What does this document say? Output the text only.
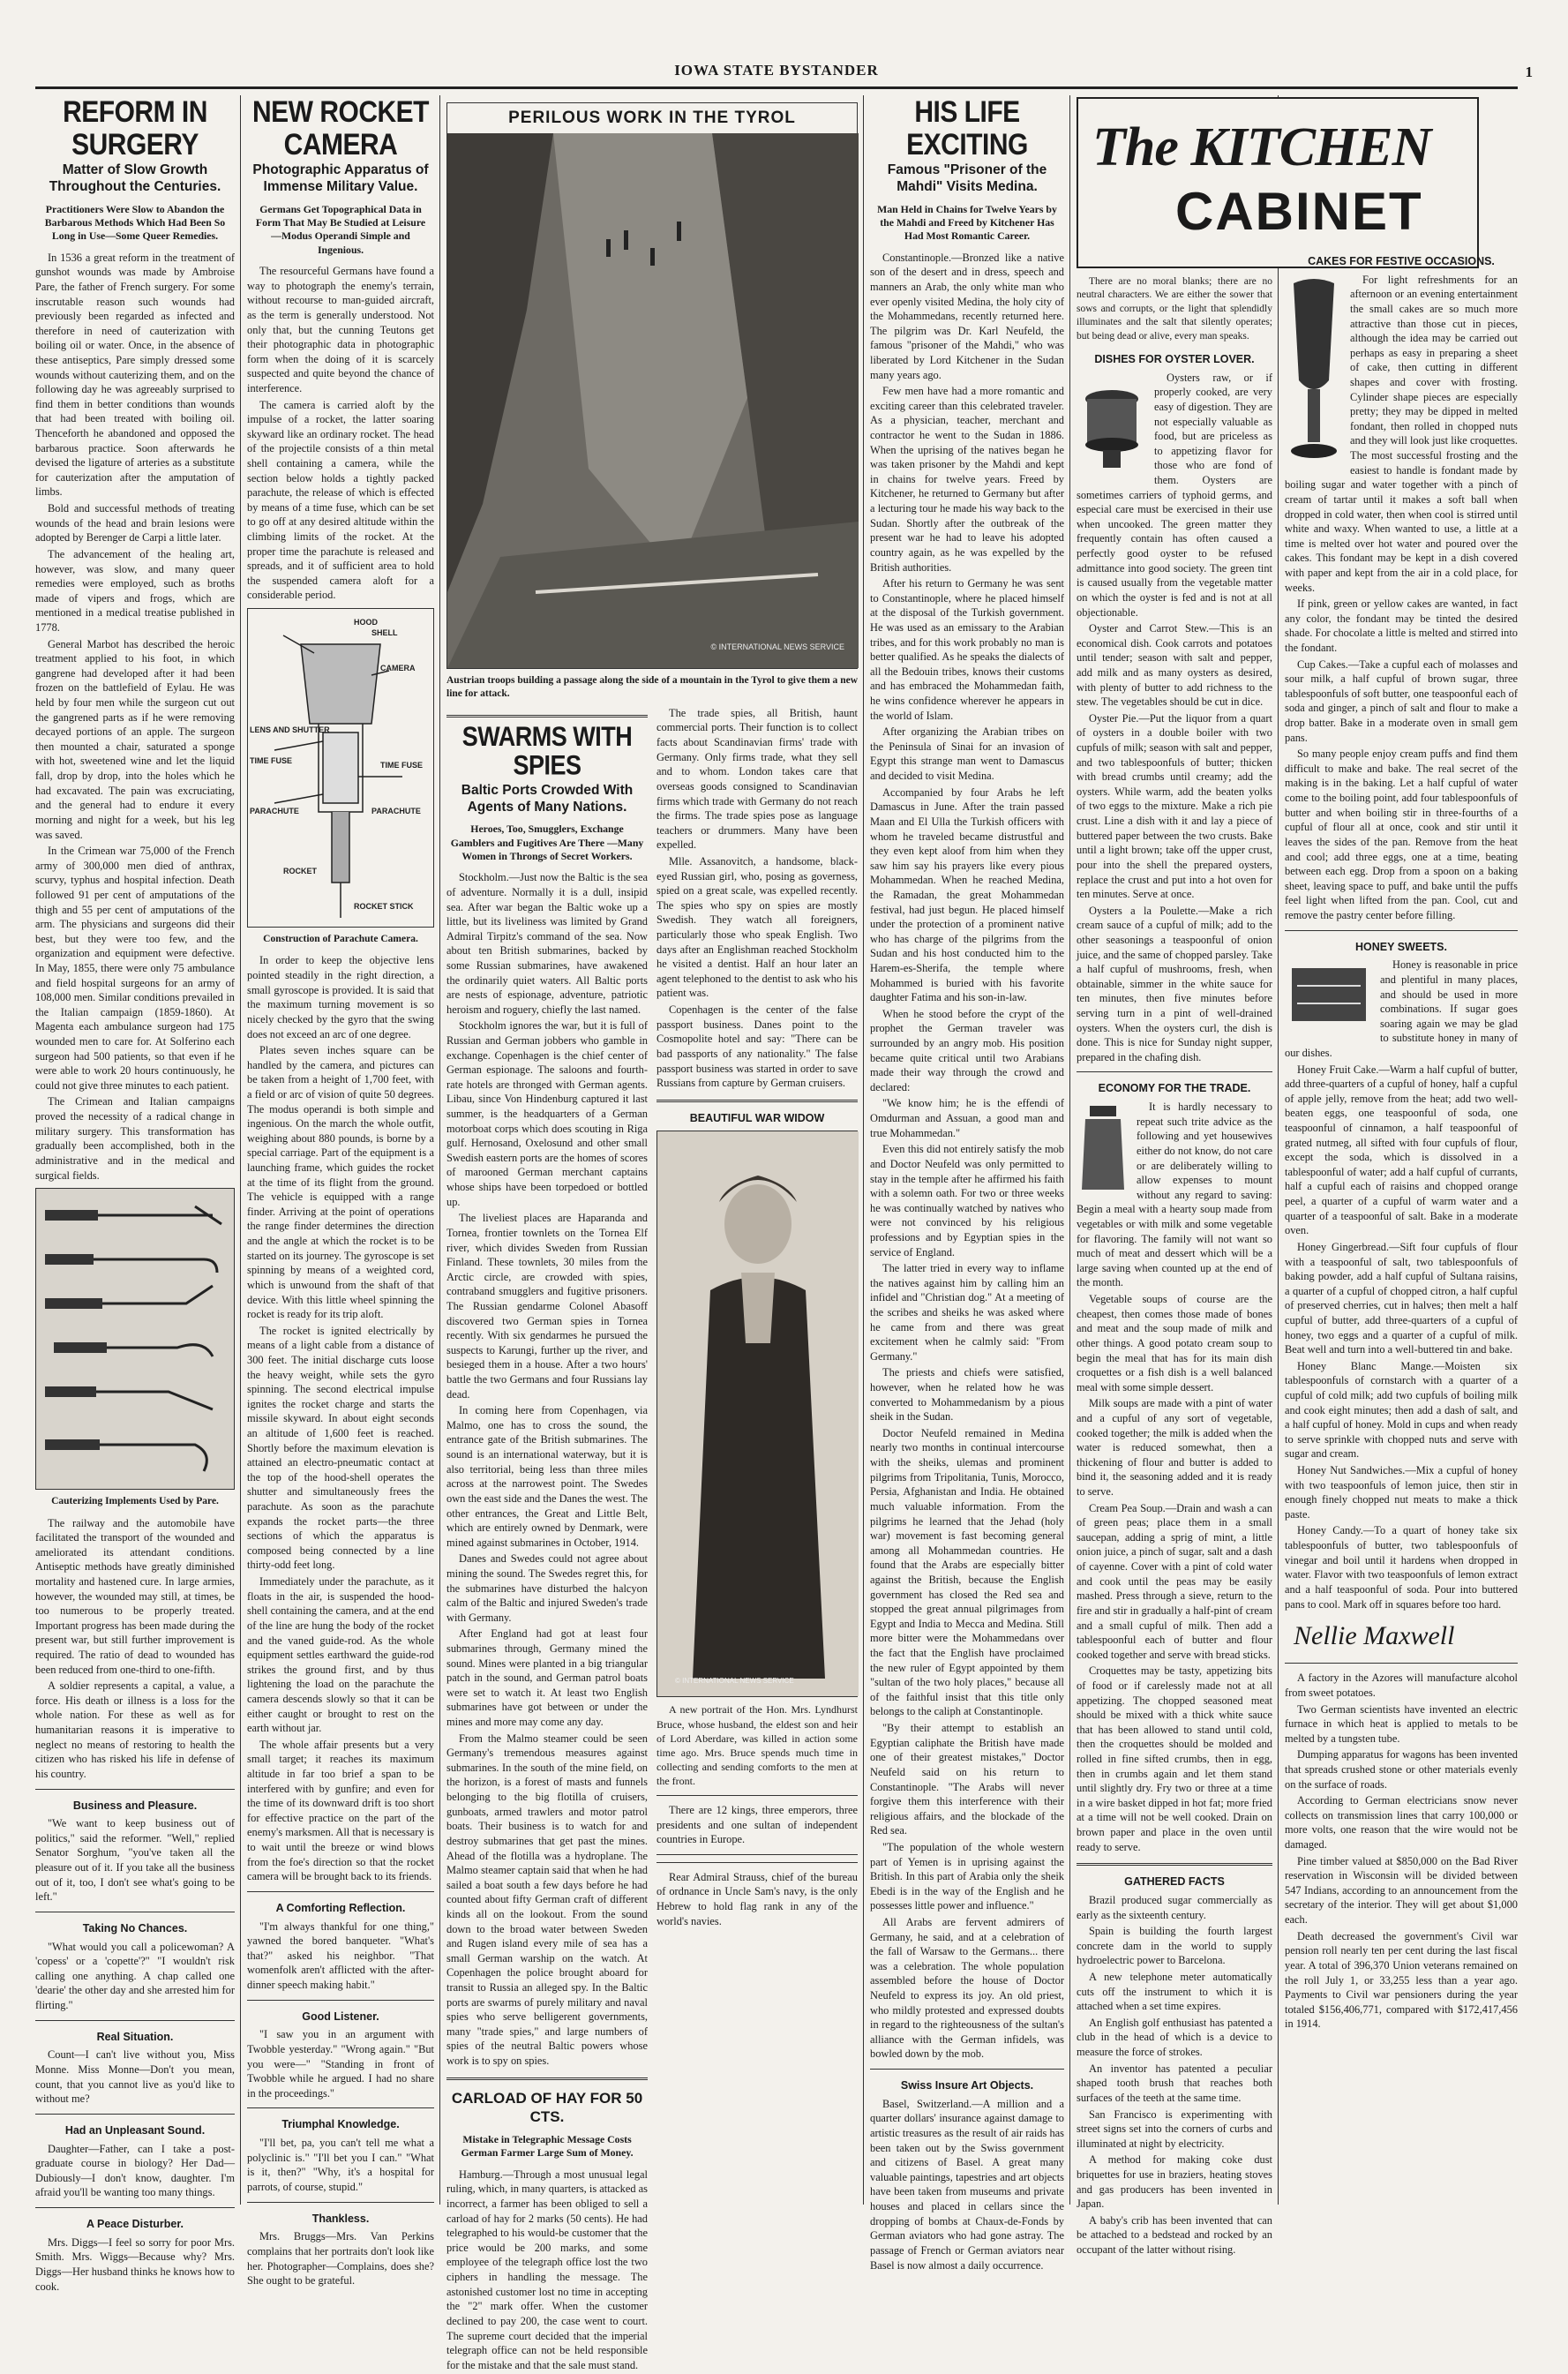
IOWA STATE BYSTANDER	1
REFORM IN SURGERY
Matter of Slow Growth Throughout the Centuries.
Practitioners Were Slow to Abandon the Barbarous Methods Which Had Been So Long in Use—Some Queer Remedies.

In 1536 a great reform in the treatment of gunshot wounds was made by Ambroise Pare, the father of French surgery. For some inscrutable reason such wounds had previously been regarded as infected and therefore in need of cauterization with boiling oil or water. Once, in the absence of these antiseptics, Pare simply dressed some wounds without cauterizing them, and on the following day he was agreeably surprised to find them in better conditions than wounds that had been treated with boiling oil. Thenceforth he abandoned and opposed the barbarous practice. Soon afterwards he devised the ligature of arteries as a substitute for cauterization after the amputation of limbs.

Bold and successful methods of treating wounds of the head and brain lesions were adopted by Berenger de Carpi a little later.

The advancement of the healing art, however, was slow, and many queer remedies were employed, such as broths made of vipers and frogs, which are mentioned in a medical treatise published in 1778.

General Marbot has described the heroic treatment applied to his foot, in which gangrene had developed after it had been frozen on the battlefield of Eylau. He was held by four men while the surgeon cut out the gangrened parts as if he were removing decayed portions of an apple. The surgeon then mounted a chair, saturated a sponge with hot, sweetened wine and let the liquid fall, drop by drop, into the holes which he had excavated. The pain was excruciating, and the general had to endure it every morning and night for a week, but his leg was saved.

In the Crimean war 75,000 of the French army of 300,000 men died of anthrax, scurvy, typhus and hospital infection. Death followed 91 per cent of amputations of the thigh and 55 per cent of amputations of the arm. The physicians and surgeons did their best, but they were too few, and the organization and equipment were defective. In May, 1855, there were only 75 ambulance and field hospital surgeons for an army of 108,000 men. Similar conditions prevailed in the Italian campaign (1859-1860). At Magenta each ambulance surgeon had 175 wounded men to care for. At Solferino each surgeon had 500 patients, so that even if he were able to work 20 hours continuously, he could not give three minutes to each patient.

The Crimean and Italian campaigns proved the necessity of a radical change in military surgery. This transformation has gradually been accomplished, both in the administrative and in the medical and surgical fields.

Cauterizing Implements Used by Pare.

The railway and the automobile have facilitated the transport of the wounded and ameliorated its attendant conditions. Antiseptic methods have greatly diminished mortality and hastened cure. In large armies, however, the wounded may still, at times, be too numerous to be properly treated. Important progress has been made during the present war, but still further improvement is required. The ratio of dead to wounded has been reduced from one-third to one-fifth.

A soldier represents a capital, a value, a force. His death or illness is a loss for the whole nation. For these as well as for humanitarian reasons it is imperative to neglect no means of restoring to health the citizen who has risked his life in defense of his country.

Business and Pleasure.

"We want to keep business out of politics," said the reformer. "Well," replied Senator Sorghum, "you've taken all the pleasure out of it. If you take all the business out of it, too, I don't see what's going to be left."

Taking No Chances.

"What would you call a policewoman? A 'copess' or a 'copette'?" "I wouldn't risk calling one anything. A chap called one 'dearie' the other day and she arrested him for flirting."

Real Situation.

Count—I can't live without you, Miss Monne. Miss Monne—Don't you mean, count, that you cannot live as you'd like to without me?

Had an Unpleasant Sound.

Daughter—Father, can I take a post-graduate course in biology? Her Dad—Dubiously—I don't know, daughter. I'm afraid you'll be wanting too many things.

A Peace Disturber.

Mrs. Diggs—I feel so sorry for poor Mrs. Smith. Mrs. Wiggs—Because why? Mrs. Diggs—Her husband thinks he knows how to cook.

NEW ROCKET CAMERA
Photographic Apparatus of Immense Military Value.
Germans Get Topographical Data in Form That May Be Studied at Leisure—Modus Operandi Simple and Ingenious.

The resourceful Germans have found a way to photograph the enemy's terrain, without recourse to man-guided aircraft, as the term is generally understood. Not only that, but the cunning Teutons get their photographic data in photographic form when the doing of it is scarcely suspected and quite beyond the chance of interference.

The camera is carried aloft by the impulse of a rocket, the latter soaring skyward like an ordinary rocket. The head of the projectile consists of a thin metal shell containing a camera, while the section below holds a tightly packed parachute, the release of which is effected by means of a time fuse, which can be set to go off at any desired altitude within the climbing limits of the rocket. At the proper time the parachute is released and spreads, and it of sufficient area to hold the suspended camera aloft for a considerable period.

HOOD
SHELL
CAMERA
LENS AND SHUTTER
TIME FUSE	TIME FUSE
PARACHUTE	PARACHUTE
ROCKET
ROCKET STICK
Construction of Parachute Camera.

In order to keep the objective lens pointed steadily in the right direction, a small gyroscope is provided. It is said that the maximum turning movement is so nicely checked by the gyro that the swing does not exceed an arc of one degree.

Plates seven inches square can be handled by the camera, and pictures can be taken from a height of 1,700 feet, with a field or arc of vision of quite 50 degrees. The modus operandi is both simple and ingenious. On the march the whole outfit, weighing about 880 pounds, is borne by a special carriage. Part of the equipment is a launching frame, which guides the rocket at the time of its flight from the ground. The vehicle is equipped with a range finder. Arriving at the point of operations the range finder determines the direction and the angle at which the rocket is to be started on its journey. The gyroscope is set spinning by means of a weighted cord, which is unwound from the shaft of that device. With this little wheel spinning the rocket is ready for its trip aloft.

The rocket is ignited electrically by means of a light cable from a distance of 300 feet. The initial discharge cuts loose the heavy weight, while sets the gyro spinning. The second electrical impulse ignites the rocket charge and starts the missile skyward. In about eight seconds an altitude of 1,600 feet is reached. Shortly before the maximum elevation is attained an electro-pneumatic contact at the top of the hood-shell operates the shutter and simultaneously frees the parachute. As soon as the parachute expands the rocket parts—the three sections of which the apparatus is composed being connected by a line thirty-odd feet long.

Immediately under the parachute, as it floats in the air, is suspended the hood-shell containing the camera, and at the end of the line are hung the body of the rocket and the vaned guide-rod. As the whole equipment settles earthward the guide-rod strikes the ground first, and by thus lightening the load on the parachute the camera descends slowly so that it can be either caught or brought to rest on the earth without jar.

The whole affair presents but a very small target; it reaches its maximum altitude in far too brief a span to be interfered with by gunfire; and even for the time of its downward drift is too short for effective practice on the part of the enemy's marksmen. All that is necessary is to wait until the breeze or wind blows from the foe's direction so that the rocket camera will be brought back to its friends.

A Comforting Reflection.

"I'm always thankful for one thing," yawned the bored banqueter. "What's that?" asked his neighbor. "That womenfolk aren't afflicted with the after-dinner speech making habit."

Good Listener.

"I saw you in an argument with Twobble yesterday." "Wrong again." "But you were—" "Standing in front of Twobble while he argued. I had no share in the proceedings."

Triumphal Knowledge.

"I'll bet, pa, you can't tell me what a polyclinic is." "I'll bet you I can." "What is it, then?" "Why, it's a hospital for parrots, of course, stupid."

Thankless.

Mrs. Bruggs—Mrs. Van Perkins complains that her portraits don't look like her. Photographer—Complains, does she? She ought to be grateful.

PERILOUS WORK IN THE TYROL
© INTERNATIONAL NEWS SERVICE
Austrian troops building a passage along the side of a mountain in the Tyrol to give them a new line for attack.
SWARMS WITH SPIES
Baltic Ports Crowded With Agents of Many Nations.
Heroes, Too, Smugglers, Exchange Gamblers and Fugitives Are There —Many Women in Throngs of Secret Workers.

Stockholm.—Just now the Baltic is the sea of adventure. Normally it is a dull, insipid sea. After war began the Baltic woke up a little, but its liveliness was limited by Grand Admiral Tirpitz's command of the sea. Now about ten British submarines, backed by some Russian submarines, have awakened the ordinarily quiet waters. All Baltic ports are nests of espionage, adventure, patriotic heroism and roguery, chiefly the last named.

Stockholm ignores the war, but it is full of Russian and German jobbers who gamble in exchange. Copenhagen is the chief center of German espionage. The saloons and fourth-rate hotels are thronged with German agents. Libau, since Von Hindenburg captured it last summer, is the headquarters of a German motorboat corps which does scouting in Riga gulf. Hernosand, Oxelosund and other small Swedish eastern ports are the homes of scores of marooned German merchant captains whose ships have been torpedoed or bottled up.

The liveliest places are Haparanda and Tornea, frontier townlets on the Tornea Elf river, which divides Sweden from Russian Finland. These townlets, 30 miles from the Arctic circle, are crowded with spies, contraband smugglers and fugitive prisoners. The Russian gendarme Colonel Abasoff discovered two German spies in Tornea recently. With six gendarmes he pursued the suspects to Karungi, further up the river, and besieged them in a house. After a two hours' battle the two Germans and four Russians lay dead.

In coming here from Copenhagen, via Malmo, one has to cross the sound, the entrance gate of the British submarines. The sound is an international waterway, but it is also territorial, being less than three miles across at the narrowest point. The Swedes own the east side and the Danes the west. The other entrances, the Great and Little Belt, which are entirely owned by Denmark, were mined against submarines in October, 1914.

Danes and Swedes could not agree about mining the sound. The Swedes regret this, for the submarines have disturbed the halcyon calm of the Baltic and injured Sweden's trade with Germany.

After England had got at least four submarines through, Germany mined the sound. Mines were planted in a big triangular patch in the sound, and German patrol boats were set to watch it. At least two English submarines have got between or under the mines and more may come any day.

From the Malmo steamer could be seen Germany's tremendous measures against submarines. In the south of the mine field, on the horizon, is a forest of masts and funnels belonging to the big flotilla of cruisers, gunboats, armed trawlers and motor patrol boats. Their business is to watch for and destroy submarines that get past the mines. Ahead of the flotilla was a hydroplane. The Malmo steamer captain said that when he had sailed a boat south a few days before he had counted about fifty German craft of different kinds all on the lookout. From the sound down to the broad water between Sweden and Rugen island every mile of sea has a small German warship on the watch. At Copenhagen the police brought aboard for transit to Russia an alleged spy. In the Baltic ports are swarms of purely military and naval spies who serve belligerent governments, many "trade spies," and large numbers of spies of the neutral Baltic powers whose work is to spy on spies.

CARLOAD OF HAY FOR 50 CTS.
Mistake in Telegraphic Message Costs German Farmer Large Sum of Money.

Hamburg.—Through a most unusual legal ruling, which, in many quarters, is attacked as incorrect, a farmer has been obliged to sell a carload of hay for 2 marks (50 cents). He had telegraphed to his would-be customer that the price would be 200 marks, and some employee of the telegraph office lost the two ciphers in handling the message. The astonished customer lost no time in accepting the "2" mark offer. When the customer declined to pay 200, the case went to court. The supreme court decided that the imperial telegraph office can not be held responsible for the mistake and that the sale must stand.

The trade spies, all British, haunt commercial ports. Their function is to collect facts about Scandinavian firms' trade with Germany. Only firms trade, what they sell and to whom. London takes care that overseas goods consigned to Scandinavian firms which trade with Germany do not reach the firms. The trade spies pose as language teachers or drummers. Many have been expelled.

Mlle. Assanovitch, a handsome, black-eyed Russian girl, who, posing as governess, spied on a great scale, was expelled recently. The spies who spy on spies are mostly Swedish. They watch all foreigners, particularly those who speak English. Two days after an Englishman reached Stockholm he visited a dentist. Half an hour later an agent telephoned to the dentist to ask who his patient was.

Copenhagen is the center of the false passport business. Danes point to the Cosmopolite hotel and say: "There can be bad passports of any nationality." The false passport business was started in order to save Russians from capture by German cruisers.

BEAUTIFUL WAR WIDOW
© INTERNATIONAL NEWS SERVICE

A new portrait of the Hon. Mrs. Lyndhurst Bruce, whose husband, the eldest son and heir of Lord Aberdare, was killed in action some time ago. Mrs. Bruce spends much time in collecting and sending comforts to the men at the front.

There are 12 kings, three emperors, three presidents and one sultan of independent countries in Europe.

Rear Admiral Strauss, chief of the bureau of ordnance in Uncle Sam's navy, is the only Hebrew to hold flag rank in any of the world's navies.

HIS LIFE EXCITING
Famous "Prisoner of the Mahdi" Visits Medina.
Man Held in Chains for Twelve Years by the Mahdi and Freed by Kitchener Has Had Most Romantic Career.

Constantinople.—Bronzed like a native son of the desert and in dress, speech and manners an Arab, the only white man who ever openly visited Medina, the holy city of the Mohammedans, recently returned here. The pilgrim was Dr. Karl Neufeld, the famous "prisoner of the Mahdi," who was liberated by Lord Kitchener in the Sudan many years ago.

Few men have had a more romantic and exciting career than this celebrated traveler. As a physician, teacher, merchant and contractor he went to the Sudan in 1886. When the uprising of the natives began he was taken prisoner by the Mahdi and kept in chains for twelve years. Freed by Kitchener, he returned to Germany but after a lecturing tour he made his way back to the Sudan. Shortly after the outbreak of the present war he had to leave his adopted country again, as he was expelled by the British authorities.

After his return to Germany he was sent to Constantinople, where he placed himself at the disposal of the Turkish government. He was used as an emissary to the Arabian tribes, and for this work probably no man is better qualified. As he speaks the dialects of all the Bedouin tribes, knows their customs and has embraced the Mohammedan faith, he wins confidence wherever he appears in the world of Islam.

After organizing the Arabian tribes on the Peninsula of Sinai for an invasion of Egypt this strange man went to Damascus and decided to visit Medina.

Accompanied by four Arabs he left Damascus in June. After the train passed Maan and El Ulla the Turkish officers with whom he traveled became distrustful and they even kept aloof from him when they saw him say his prayers like every pious Mohammedan. When he reached Medina, the Ramadan, the great Mohammedan festival, had just begun. He placed himself under the protection of a prominent native who has charge of the pilgrims from the Sudan and his host conducted him to the Harem-es-Sherifa, the temple where Mohammed is buried with his favorite daughter Fatima and his son-in-law.

When he stood before the crypt of the prophet the German traveler was surrounded by an angry mob. His position became quite critical until two Arabians made their way through the crowd and declared:

"We know him; he is the effendi of Omdurman and Assuan, a good man and true Mohammedan."

Even this did not entirely satisfy the mob and Doctor Neufeld was only permitted to stay in the temple after he affirmed his faith with a solemn oath. For two or three weeks he was continually watched by natives who were not convinced by his religious professions and by Egyptian spies in the service of England.

The latter tried in every way to inflame the natives against him by calling him an infidel and "Christian dog." At a meeting of the scribes and sheiks he was asked where he came from and there was great excitement when he calmly said: "From Germany."

The priests and chiefs were satisfied, however, when he related how he was converted to Mohammedanism by a pious sheik in the Sudan.

Doctor Neufeld remained in Medina nearly two months in continual intercourse with the sheiks, ulemas and prominent pilgrims from Tripolitania, Tunis, Morocco, Persia, Afghanistan and India. He obtained much valuable information. From the pilgrims he learned that the Jehad (holy war) movement is fast becoming general among all Mohammedan countries. He found that the Arabs are especially bitter against the British, because the English government has closed the Red sea and stopped the great annual pilgrimages from Egypt and India to Mecca and Medina. Still more bitter were the Mohammedans over the fact that the English have proclaimed the new ruler of Egypt appointed by them "sultan of the two holy places," because all of the faithful insist that this title only belongs to the caliph at Constantinople.

"By their attempt to establish an Egyptian caliphate the British have made one of their greatest mistakes," Doctor Neufeld said on his return to Constantinople. "The Arabs will never forgive them this interference with their religious affairs, and the blockade of the Red sea.

"The population of the whole western part of Yemen is in uprising against the British. In this part of Arabia only the sheik Ebedi is in the way of the English and he possesses little power and influence."

All Arabs are fervent admirers of Germany, he said, and at a celebration of the fall of Warsaw to the Germans... there was a celebration. The whole population assembled before the house of Doctor Neufeld to express its joy. An old priest, who mildly protested and expressed doubts in regard to the righteousness of the sultan's alliance with the German infidels, was bowled down by the mob.

Swiss Insure Art Objects.

Basel, Switzerland.—A million and a quarter dollars' insurance against damage to artistic treasures as the result of air raids has been taken out by the Swiss government and citizens of Basel. A great many valuable paintings, tapestries and art objects have been taken from museums and private houses and placed in cellars since the dropping of bombs at Chaux-de-Fonds by German aviators who had gone astray. The passage of French or German aviators near Basel is now almost a daily occurrence.

The KITCHEN
CABINET

There are no moral blanks; there are no neutral characters. We are either the sower that sows and corrupts, or the light that splendidly illuminates and the salt that silently operates; but being dead or alive, every man speaks.

DISHES FOR OYSTER LOVER.

Oysters raw, or if properly cooked, are very easy of digestion. They are not especially valuable as food, but are priceless as to appetizing flavor for those who are fond of them. Oysters are sometimes carriers of typhoid germs, and especial care must be exercised in their use when uncooked. The green matter they frequently contain has often caused a perfectly good oyster to be refused admittance into good society. The green tint is caused usually from the vegetable matter on which the oyster is fed and is not at all objectionable.

Oyster and Carrot Stew.—This is an economical dish. Cook carrots and potatoes until tender; season with salt and pepper, add milk and as many oysters as desired, with plenty of butter to add richness to the stew. The vegetables should be cut in dice.

Oyster Pie.—Put the liquor from a quart of oysters in a double boiler with two cupfuls of milk; season with salt and pepper, and two tablespoonfuls of butter; thicken with bread crumbs until creamy; add the oysters. While warm, add the beaten yolks of two eggs to the mixture. Make a rich pie crust. Line a dish with it and lay a piece of buttered paper between the two crusts. Bake until a light brown; take off the upper crust, pour into the shell the prepared oysters, replace the crust and put into a hot oven for ten minutes. Serve at once.

Oysters a la Poulette.—Make a rich cream sauce of a cupful of milk; add to the other seasonings a teaspoonful of onion juice, and the same of chopped parsley. Take a half cupful of mushrooms, fresh, when obtainable, simmer in the white sauce for ten minutes, then five minutes before serving turn in a pint of well-drained oysters. When the oysters curl, the dish is done. This is nice for Sunday night supper, prepared in the chafing dish.

ECONOMY FOR THE TRADE.

It is hardly necessary to repeat such trite advice as the following and yet housewives either do not know, do not care or are deliberately willing to allow expenses to mount without any regard to saving: Begin a meal with a hearty soup made from vegetables or with milk and some vegetable for flavoring. The family will not want so much of meat and dessert which will be a large saving when counted up at the end of the month.

Vegetable soups of course are the cheapest, then comes those made of bones and meat and the soup made of milk and other things. A good potato cream soup to begin the meal that has for its main dish croquettes or a fish dish is a well balanced meal with some simple dessert.

Milk soups are made with a pint of water and a cupful of any sort of vegetable, cooked together; the milk is added when the water is reduced somewhat, then a thickening of flour and butter is added to bind it, the seasoning added and it is ready to serve.

Cream Pea Soup.—Drain and wash a can of green peas; place them in a small saucepan, adding a sprig of mint, a little onion juice, a pinch of sugar, salt and a dash of cayenne. Cover with a pint of cold water and cook until the peas may be easily mashed. Press through a sieve, return to the fire and stir in gradually a half-pint of cream and a small cupful of milk. Then add a tablespoonful each of butter and flour cooked together and serve with bread sticks.

Croquettes may be tasty, appetizing bits of food or if carelessly made not at all appetizing. The chopped seasoned meat should be mixed with a thick white sauce that has been allowed to stand until cold, then the croquettes should be molded and rolled in fine sifted crumbs, then in egg, then in crumbs again and let them stand until slightly dry. Fry two or three at a time in a wire basket dipped in hot fat; more fried at a time will not be well cooked. Drain on brown paper and place in the oven until ready to serve.

GATHERED FACTS

Brazil produced sugar commercially as early as the sixteenth century.

Spain is building the fourth largest concrete dam in the world to supply hydroelectric power to Barcelona.

A new telephone meter automatically cuts off the instrument to which it is attached when a set time expires.

An English golf enthusiast has patented a club in the head of which is a device to measure the force of strokes.

An inventor has patented a peculiar shaped tooth brush that reaches both surfaces of the teeth at the same time.

San Francisco is experimenting with street signs set into the corners of curbs and illuminated at night by electricity.

A method for making coke dust briquettes for use in braziers, heating stoves and gas producers has been invented in Japan.

A baby's crib has been invented that can be attached to a bedstead and rocked by an occupant of the latter without rising.

CAKES FOR FESTIVE OCCASIONS.

For light refreshments for an afternoon or an evening entertainment the small cakes are so much more attractive than those cut in pieces, although the idea may be carried out perhaps as easy in preparing a sheet of cake, then cutting in different shapes and cover with frosting. Cylinder shape pieces are especially pretty; they may be dipped in melted fondant, then rolled in chopped nuts and they will look just like croquettes. The most successful frosting and the easiest to handle is fondant made by boiling sugar and water together with a pinch of cream of tartar until it makes a soft ball when dropped in cold water, then when cool is stirred until white and waxy. When wanted to use, a little at a time is melted over hot water and poured over the cakes. This fondant may be kept in a dish covered with paper and kept from the air in a cold place, for weeks.

If pink, green or yellow cakes are wanted, in fact any color, the fondant may be tinted the desired shade. For chocolate a little is melted and stirred into the fondant.

Cup Cakes.—Take a cupful each of molasses and sour milk, a half cupful of brown sugar, three tablespoonfuls of soft butter, one teaspoonful each of soda and ginger, a pinch of salt and flour to make a drop batter. Bake in a moderate oven in small gem pans.

So many people enjoy cream puffs and find them difficult to make and bake. The real secret of the making is in the baking. Let a half cupful of water come to the boiling point, add four tablespoonfuls of butter and when boiling stir in three-fourths of a cupful of flour all at once, cook and stir until it leaves the sides of the pan. Remove from the heat and cool; add three eggs, one at a time, beating between each egg. Drop from a spoon on a baking sheet, leaving space to puff, and bake until the puffs feel light when lifted from the pan. Cool, cut and remove the pastry center before filling.

HONEY SWEETS.

Honey is reasonable in price and plentiful in many places, and should be used in more combinations. If sugar goes soaring again we may be glad to substitute honey in many of our dishes.

Honey Fruit Cake.—Warm a half cupful of butter, add three-quarters of a cupful of honey, half a cupful of apple jelly, remove from the heat; add two well-beaten eggs, one teaspoonful of soda, one teaspoonful of cinnamon, a half teaspoonful of grated nutmeg, all sifted with four cupfuls of flour, except the soda, which is dissolved in a tablespoonful of water; add a half cupful of currants, half a cupful each of raisins and chopped orange peel, a quarter of a cupful of warm water and a quarter of a teaspoonful of salt. Bake in a moderate oven.

Honey Gingerbread.—Sift four cupfuls of flour with a teaspoonful of salt, two tablespoonfuls of baking powder, add a half cupful of Sultana raisins, a quarter of a cupful of chopped citron, a half cupful of preserved cherries, cut in halves; then melt a half cupful of butter, add three-quarters of a cupful of honey, two eggs and a quarter of a cupful of milk. Beat well and turn into a well-buttered tin and bake.

Honey Blanc Mange.—Moisten six tablespoonfuls of cornstarch with a quarter of a cupful of cold milk; add two cupfuls of boiling milk and cook eight minutes; then add a dash of salt, and a half cupful of honey. Mold in cups and when ready to serve sprinkle with chopped nuts and serve with sugar and cream.

Honey Nut Sandwiches.—Mix a cupful of honey with two teaspoonfuls of lemon juice, then stir in enough finely chopped nut meats to make a thick paste.

Honey Candy.—To a quart of honey take six tablespoonfuls of butter, two tablespoonfuls of vinegar and boil until it hardens when dropped in water. Flavor with two teaspoonfuls of lemon extract and a half teaspoonful of soda. Pour into buttered pans to cool. Mark off in squares before too hard.

Nellie Maxwell

A factory in the Azores will manufacture alcohol from sweet potatoes.

Two German scientists have invented an electric furnace in which heat is applied to metals to be melted by a tungsten tube.

Dumping apparatus for wagons has been invented that spreads crushed stone or other materials evenly on the surface of roads.

According to German electricians snow never collects on transmission lines that carry 100,000 or more volts, one reason that the wire would not be damaged.

Pine timber valued at $850,000 on the Bad River reservation in Wisconsin will be divided between 547 Indians, according to an announcement from the secretary of the interior. They will get about $1,000 each.

Death decreased the government's Civil war pension roll nearly ten per cent during the last fiscal year. A total of 396,370 Union veterans remained on the roll July 1, or 33,255 less than a year ago. Payments to Civil war pensioners during the year totaled $156,406,771, compared with $172,417,456 in 1914.
